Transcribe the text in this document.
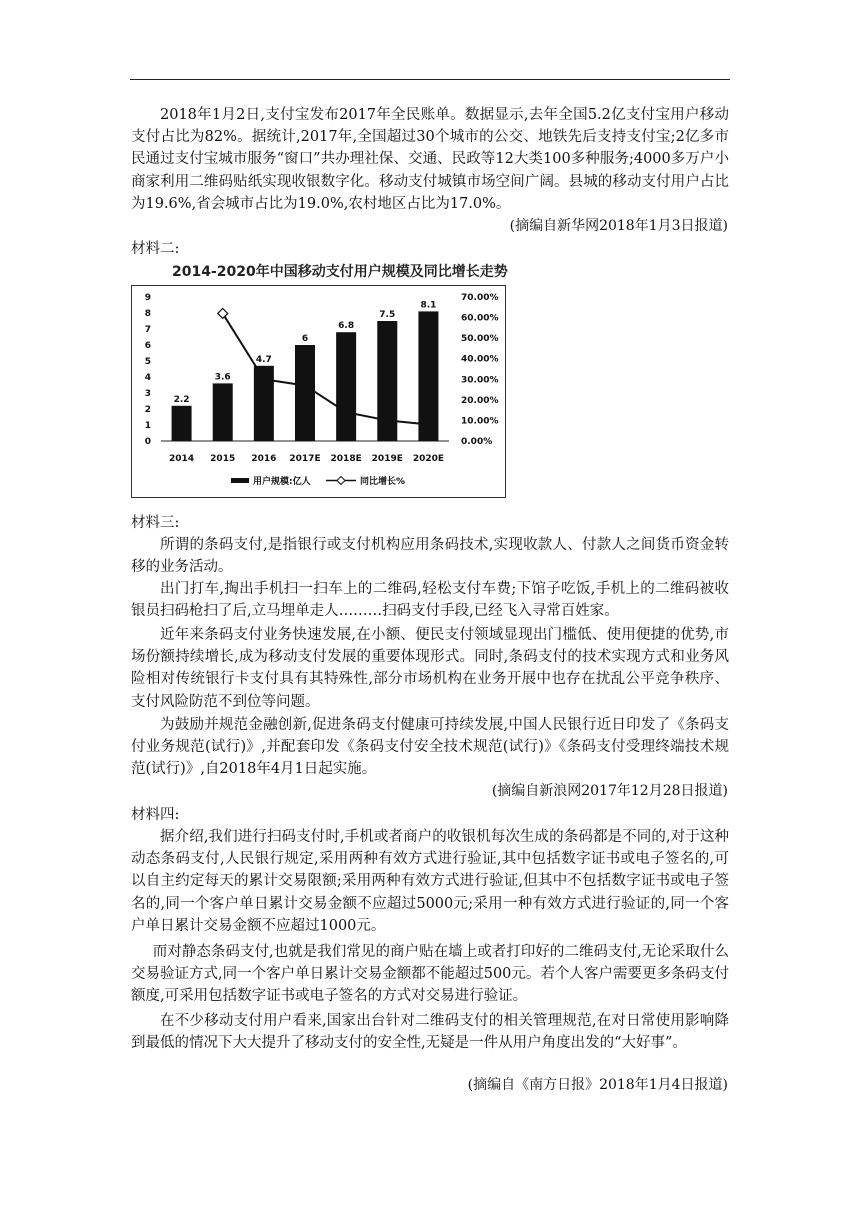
2018年1月2日,支付宝发布2017年全民账单。数据显示,去年全国5.2亿支付宝用户移动支付占比为82%。据统计,2017年,全国超过30个城市的公交、地铁先后支持支付宝;2亿多市民通过支付宝城市服务“窗口”共办理社保、交通、民政等12大类100多种服务;4000多万户小商家利用二维码贴纸实现收银数字化。移动支付城镇市场空间广阔。县城的移动支付用户占比为19.6%,省会城市占比为19.0%,农村地区占比为17.0%。

(摘编自新华网2018年1月3日报道)
材料二:
2014-2020年中国移动支付用户规模及同比增长走势
0
1
2
3
4
5
6
7
8
9
0.00%
10.00%
20.00%
30.00%
40.00%
50.00%
60.00%
70.00%
2014 2015 2016 2017E 2018E 2019E 2020E
2.2
3.6
4.7
6
6.8
7.5
8.1
用户规模:亿人	同比增长%
材料三:

所谓的条码支付,是指银行或支付机构应用条码技术,实现收款人、付款人之间货币资金转移的业务活动。

出门打车,掏出手机扫一扫车上的二维码,轻松支付车费;下馆子吃饭,手机上的二维码被收银员扫码枪扫了后,立马埋单走人………扫码支付手段,已经飞入寻常百姓家。

近年来条码支付业务快速发展,在小额、便民支付领域显现出门槛低、使用便捷的优势,市场份额持续增长,成为移动支付发展的重要体现形式。同时,条码支付的技术实现方式和业务风险相对传统银行卡支付具有其特殊性,部分市场机构在业务开展中也存在扰乱公平竞争秩序、支付风险防范不到位等问题。

为鼓励并规范金融创新,促进条码支付健康可持续发展,中国人民银行近日印发了《条码支付业务规范(试行)》,并配套印发《条码支付安全技术规范(试行)》《条码支付受理终端技术规范(试行)》,自2018年4月1日起实施。

(摘编自新浪网2017年12月28日报道)
材料四:

据介绍,我们进行扫码支付时,手机或者商户的收银机每次生成的条码都是不同的,对于这种动态条码支付,人民银行规定,采用两种有效方式进行验证,其中包括数字证书或电子签名的,可以自主约定每天的累计交易限额;采用两种有效方式进行验证,但其中不包括数字证书或电子签名的,同一个客户单日累计交易金额不应超过5000元;采用一种有效方式进行验证的,同一个客户单日累计交易金额不应超过1000元。

而对静态条码支付,也就是我们常见的商户贴在墙上或者打印好的二维码支付,无论采取什么交易验证方式,同一个客户单日累计交易金额都不能超过500元。若个人客户需要更多条码支付额度,可采用包括数字证书或电子签名的方式对交易进行验证。

在不少移动支付用户看来,国家出台针对二维码支付的相关管理规范,在对日常使用影响降到最低的情况下大大提升了移动支付的安全性,无疑是一件从用户角度出发的“大好事”。

(摘编自《南方日报》2018年1月4日报道)
